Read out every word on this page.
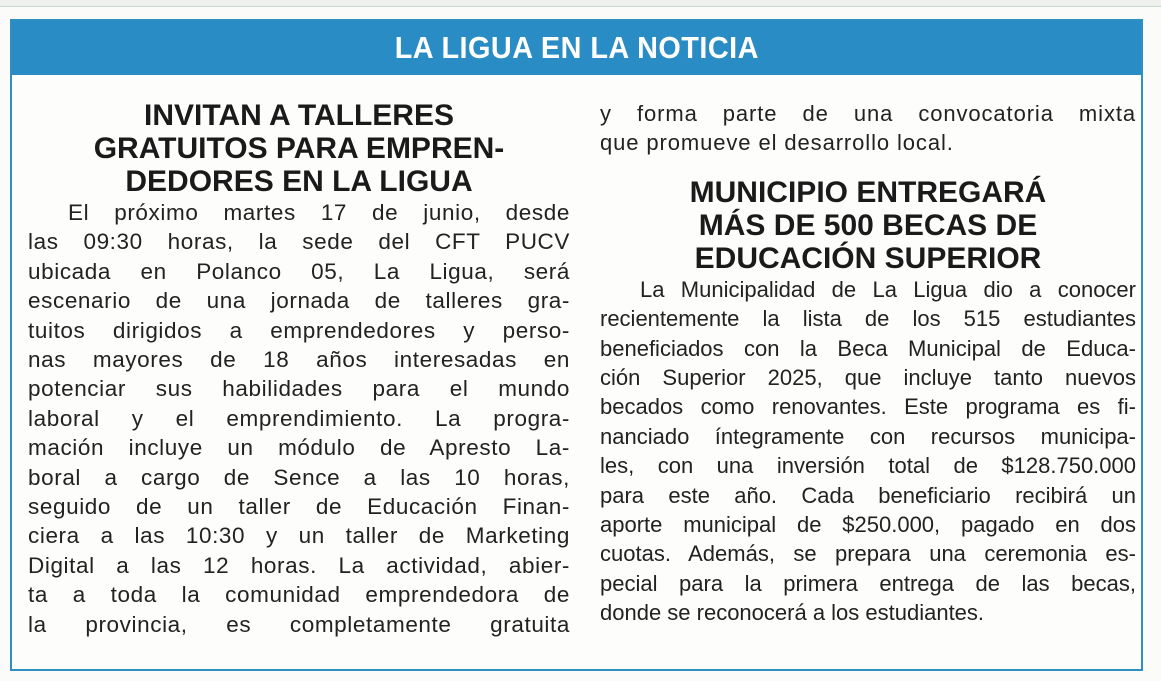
LA LIGUA EN LA NOTICIA
INVITAN A TALLERES
GRATUITOS PARA EMPREN-
DEDORES EN LA LIGUA
El próximo martes 17 de junio, desde
las 09:30 horas, la sede del CFT PUCV
ubicada en Polanco 05, La Ligua, será
escenario de una jornada de talleres gra-
tuitos dirigidos a emprendedores y perso-
nas mayores de 18 años interesadas en
potenciar sus habilidades para el mundo
laboral y el emprendimiento. La progra-
mación incluye un módulo de Apresto La-
boral a cargo de Sence a las 10 horas,
seguido de un taller de Educación Finan-
ciera a las 10:30 y un taller de Marketing
Digital a las 12 horas. La actividad, abier-
ta a toda la comunidad emprendedora de
la provincia, es completamente gratuita
y forma parte de una convocatoria mixta
que promueve el desarrollo local.
MUNICIPIO ENTREGARÁ
MÁS DE 500 BECAS DE
EDUCACIÓN SUPERIOR
La Municipalidad de La Ligua dio a conocer
recientemente la lista de los 515 estudiantes
beneficiados con la Beca Municipal de Educa-
ción Superior 2025, que incluye tanto nuevos
becados como renovantes. Este programa es fi-
nanciado íntegramente con recursos municipa-
les, con una inversión total de $128.750.000
para este año. Cada beneficiario recibirá un
aporte municipal de $250.000, pagado en dos
cuotas. Además, se prepara una ceremonia es-
pecial para la primera entrega de las becas,
donde se reconocerá a los estudiantes.
